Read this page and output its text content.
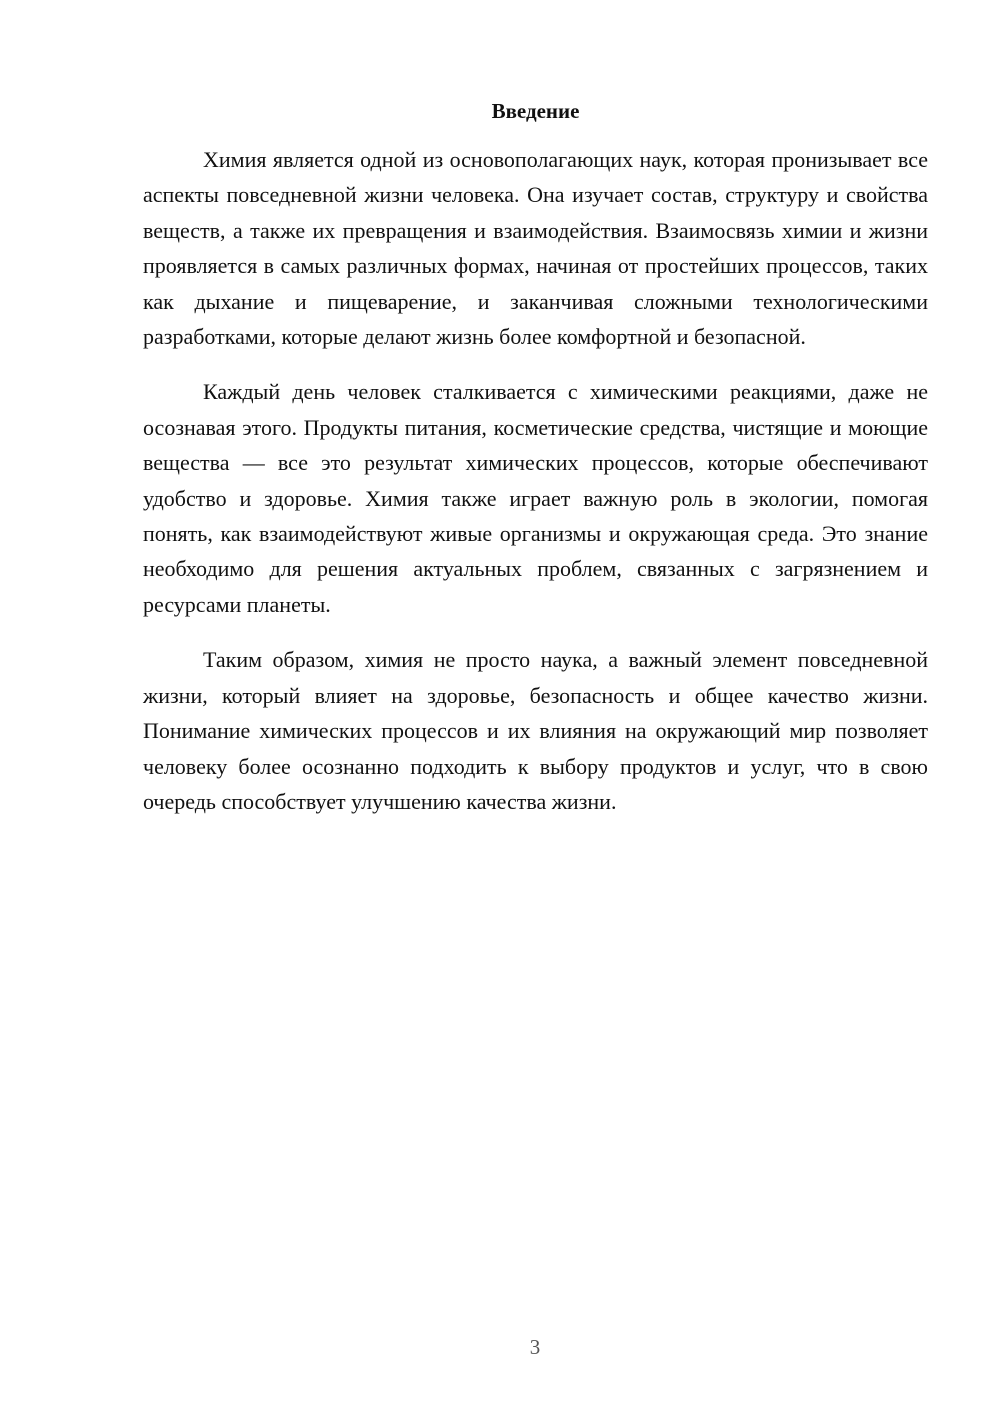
Введение

Химия является одной из основополагающих наук, которая пронизывает все аспекты повседневной жизни человека. Она изучает состав, структуру и свойства веществ, а также их превращения и взаимодействия. Взаимосвязь химии и жизни проявляется в самых различных формах, начиная от простейших процессов, таких как дыхание и пищеварение, и заканчивая сложными технологическими разработками, которые делают жизнь более комфортной и безопасной.

Каждый день человек сталкивается с химическими реакциями, даже не осознавая этого. Продукты питания, косметические средства, чистящие и моющие вещества — все это результат химических процессов, которые обеспечивают удобство и здоровье. Химия также играет важную роль в экологии, помогая понять, как взаимодействуют живые организмы и окружающая среда. Это знание необходимо для решения актуальных проблем, связанных с загрязнением и ресурсами планеты.

Таким образом, химия не просто наука, а важный элемент повседневной жизни, который влияет на здоровье, безопасность и общее качество жизни. Понимание химических процессов и их влияния на окружающий мир позволяет человеку более осознанно подходить к выбору продуктов и услуг, что в свою очередь способствует улучшению качества жизни.

3
